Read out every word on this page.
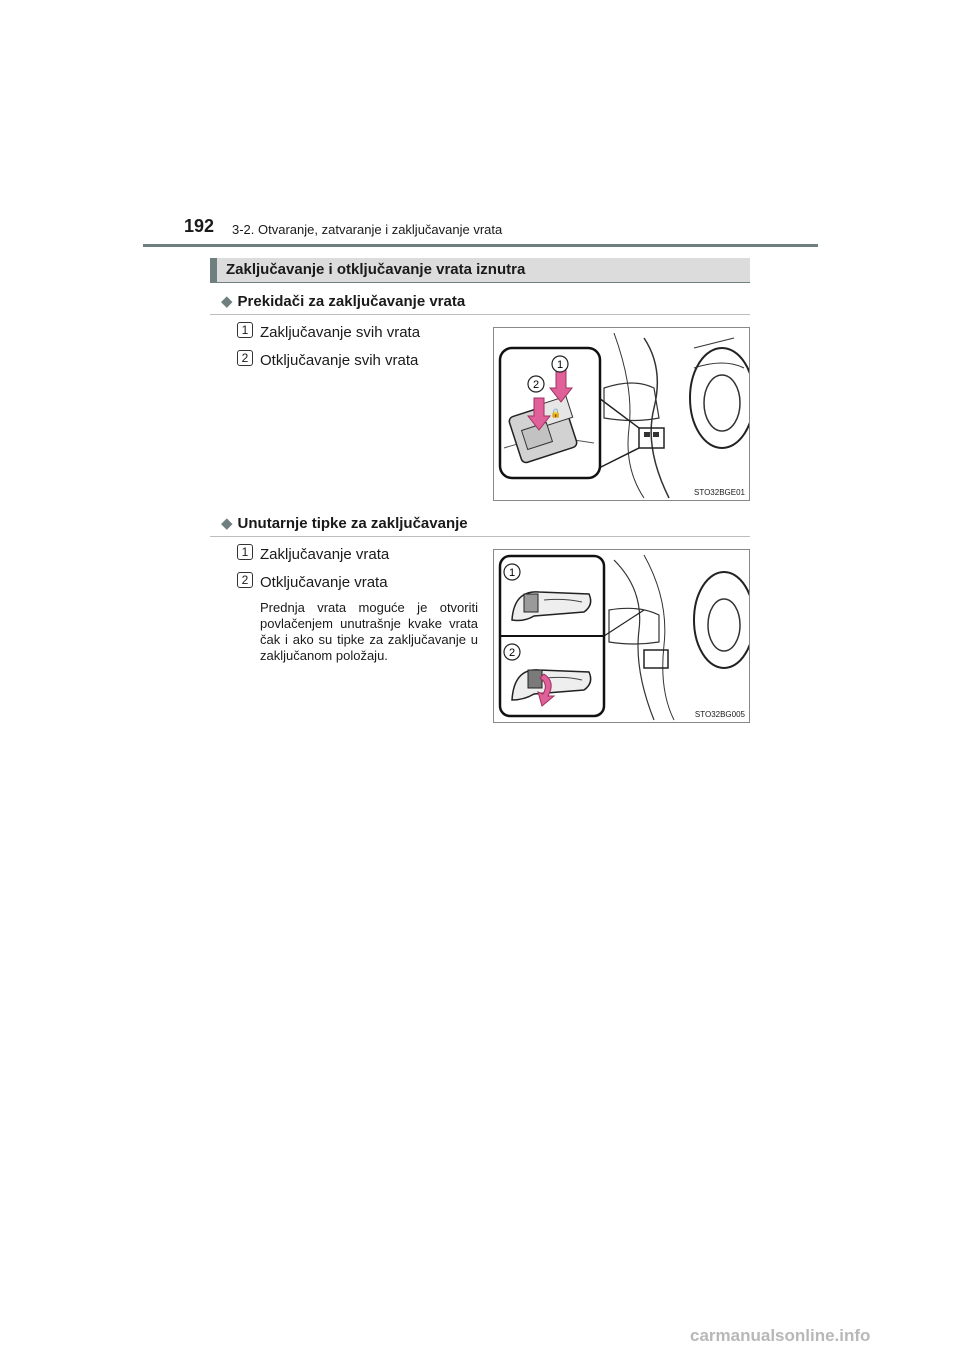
192 3-2. Otvaranje, zatvaranje i zaključavanje vrata
Zaključavanje i otključavanje vrata iznutra
◆ Prekidači za zaključavanje vrata
1 Zaključavanje svih vrata
2 Otključavanje svih vrata
🔒
1
2
STO32BGE01
◆ Unutarnje tipke za zaključavanje
1 Zaključavanje vrata
2 Otključavanje vrata
Prednja vrata moguće je otvoriti povlačenjem unutrašnje kvake vrata čak i ako su tipke za zaključavanje u zaključanom položaju.
1
2
STO32BG005
carmanualsonline.info
